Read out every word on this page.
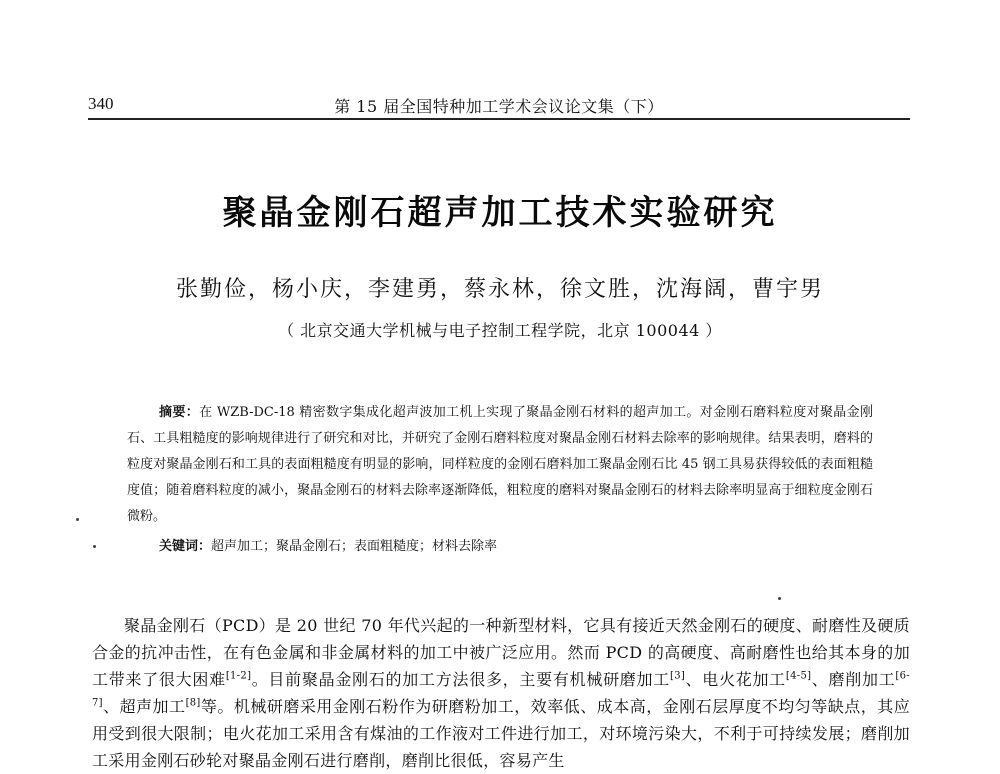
340	第 15 届全国特种加工学术会议论文集（下）
聚晶金刚石超声加工技术实验研究
张勤俭，杨小庆，李建勇，蔡永林，徐文胜，沈海阔，曹宇男
（ 北京交通大学机械与电子控制工程学院，北京 100044 ）
摘要：在 WZB-DC-18 精密数字集成化超声波加工机上实现了聚晶金刚石材料的超声加工。对金刚石磨料粒度对聚晶金刚石、工具粗糙度的影响规律进行了研究和对比，并研究了金刚石磨料粒度对聚晶金刚石材料去除率的影响规律。结果表明，磨料的粒度对聚晶金刚石和工具的表面粗糙度有明显的影响，同样粒度的金刚石磨料加工聚晶金刚石比 45 钢工具易获得较低的表面粗糙度值；随着磨料粒度的减小，聚晶金刚石的材料去除率逐渐降低，粗粒度的磨料对聚晶金刚石的材料去除率明显高于细粒度金刚石微粉。
关键词：超声加工；聚晶金刚石；表面粗糙度；材料去除率
聚晶金刚石（PCD）是 20 世纪 70 年代兴起的一种新型材料，它具有接近天然金刚石的硬度、耐磨性及硬质合金的抗冲击性，在有色金属和非金属材料的加工中被广泛应用。然而 PCD 的高硬度、高耐磨性也给其本身的加工带来了很大困难[1-2]。目前聚晶金刚石的加工方法很多，主要有机械研磨加工[3]、电火花加工[4-5]、磨削加工[6-7]、超声加工[8]等。机械研磨采用金刚石粉作为研磨粉加工，效率低、成本高，金刚石层厚度不均匀等缺点，其应用受到很大限制；电火花加工采用含有煤油的工作液对工件进行加工，对环境污染大，不利于可持续发展；磨削加工采用金刚石砂轮对聚晶金刚石进行磨削，磨削比很低，容易产生
